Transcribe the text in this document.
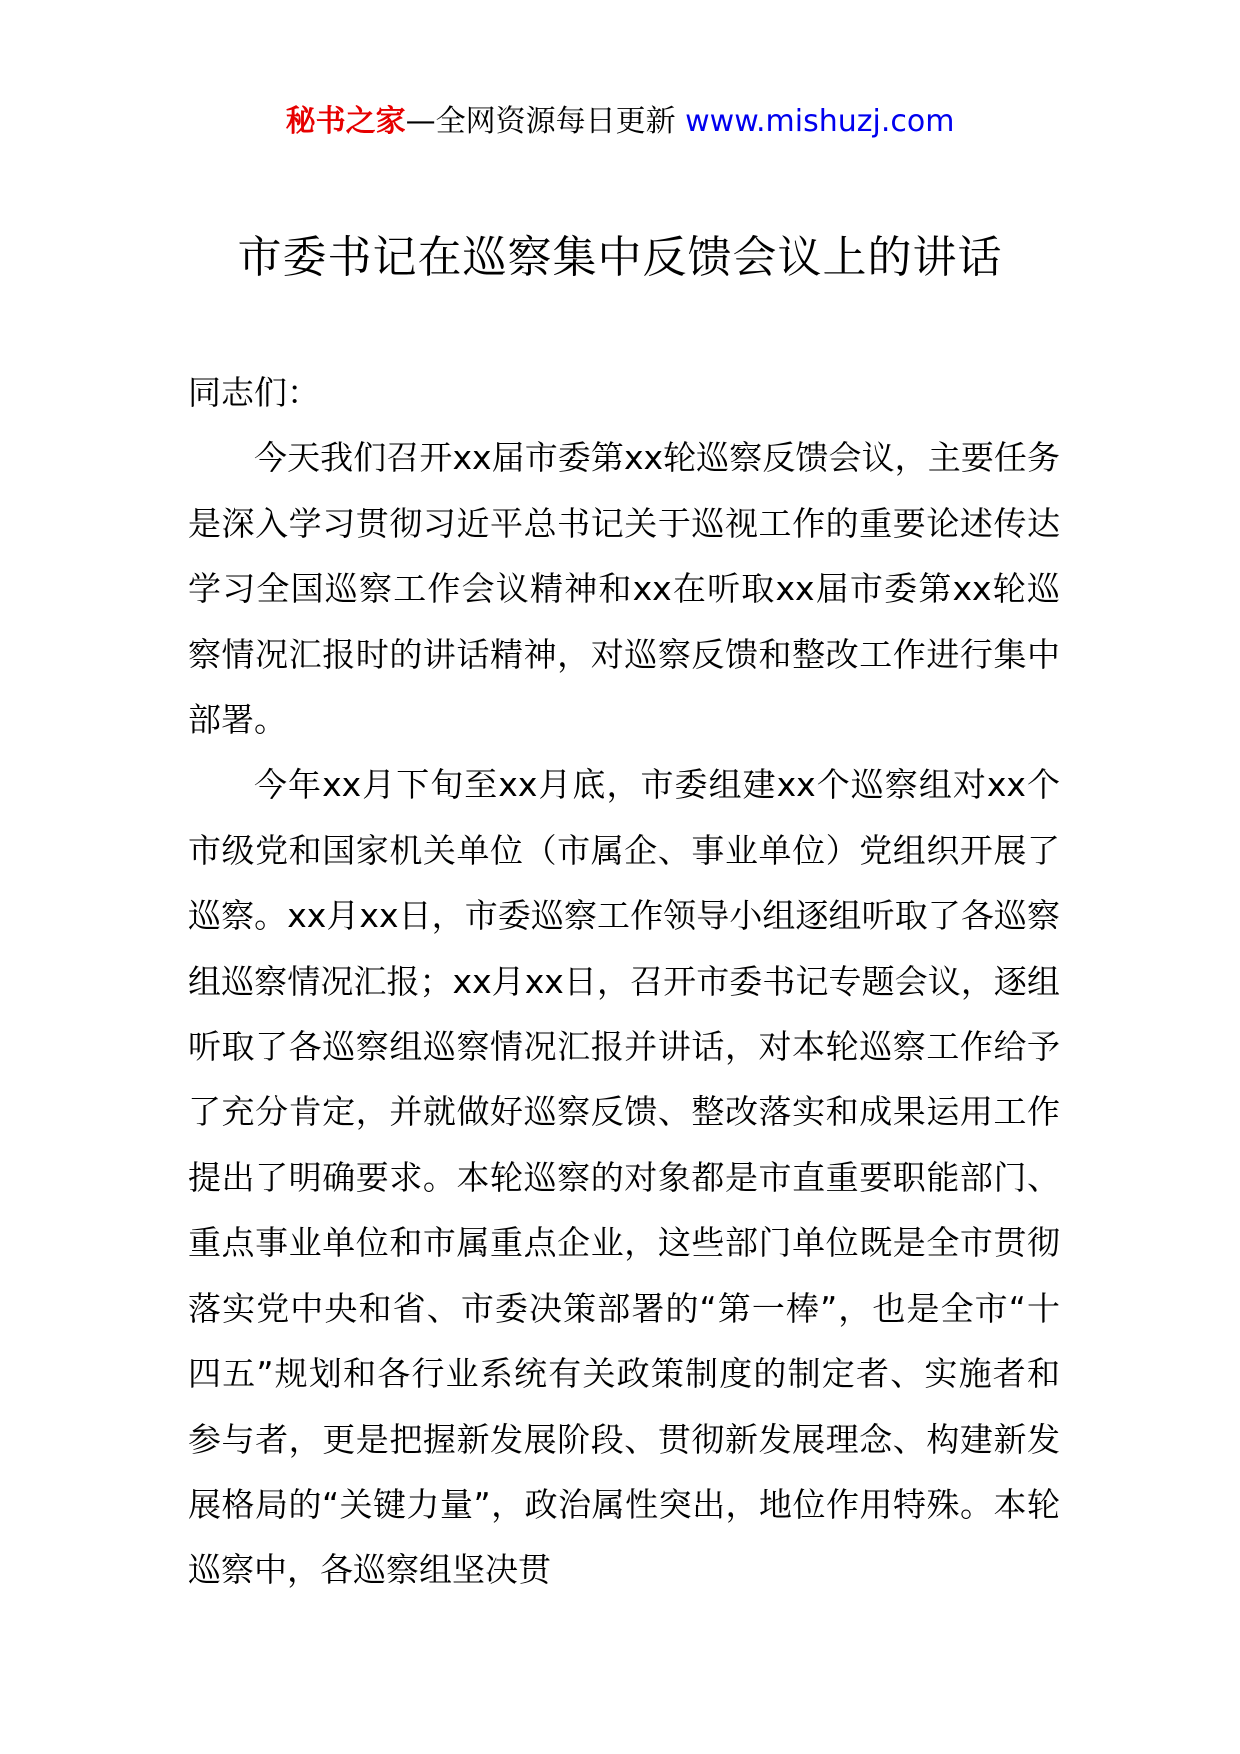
秘书之家—全网资源每日更新 www.mishuzj.com
市委书记在巡察集中反馈会议上的讲话

同志们：

今天我们召开xx届市委第xx轮巡察反馈会议，主要任务是深入学习贯彻习近平总书记关于巡视工作的重要论述传达学习全国巡察工作会议精神和xx在听取xx届市委第xx轮巡察情况汇报时的讲话精神，对巡察反馈和整改工作进行集中部署。

今年xx月下旬至xx月底，市委组建xx个巡察组对xx个市级党和国家机关单位（市属企、事业单位）党组织开展了巡察。xx月xx日，市委巡察工作领导小组逐组听取了各巡察组巡察情况汇报；xx月xx日，召开市委书记专题会议，逐组听取了各巡察组巡察情况汇报并讲话，对本轮巡察工作给予了充分肯定，并就做好巡察反馈、整改落实和成果运用工作提出了明确要求。本轮巡察的对象都是市直重要职能部门、重点事业单位和市属重点企业，这些部门单位既是全市贯彻落实党中央和省、市委决策部署的“第一棒”，也是全市“十四五”规划和各行业系统有关政策制度的制定者、实施者和参与者，更是把握新发展阶段、贯彻新发展理念、构建新发展格局的“关键力量”，政治属性突出，地位作用特殊。本轮巡察中，各巡察组坚决贯
